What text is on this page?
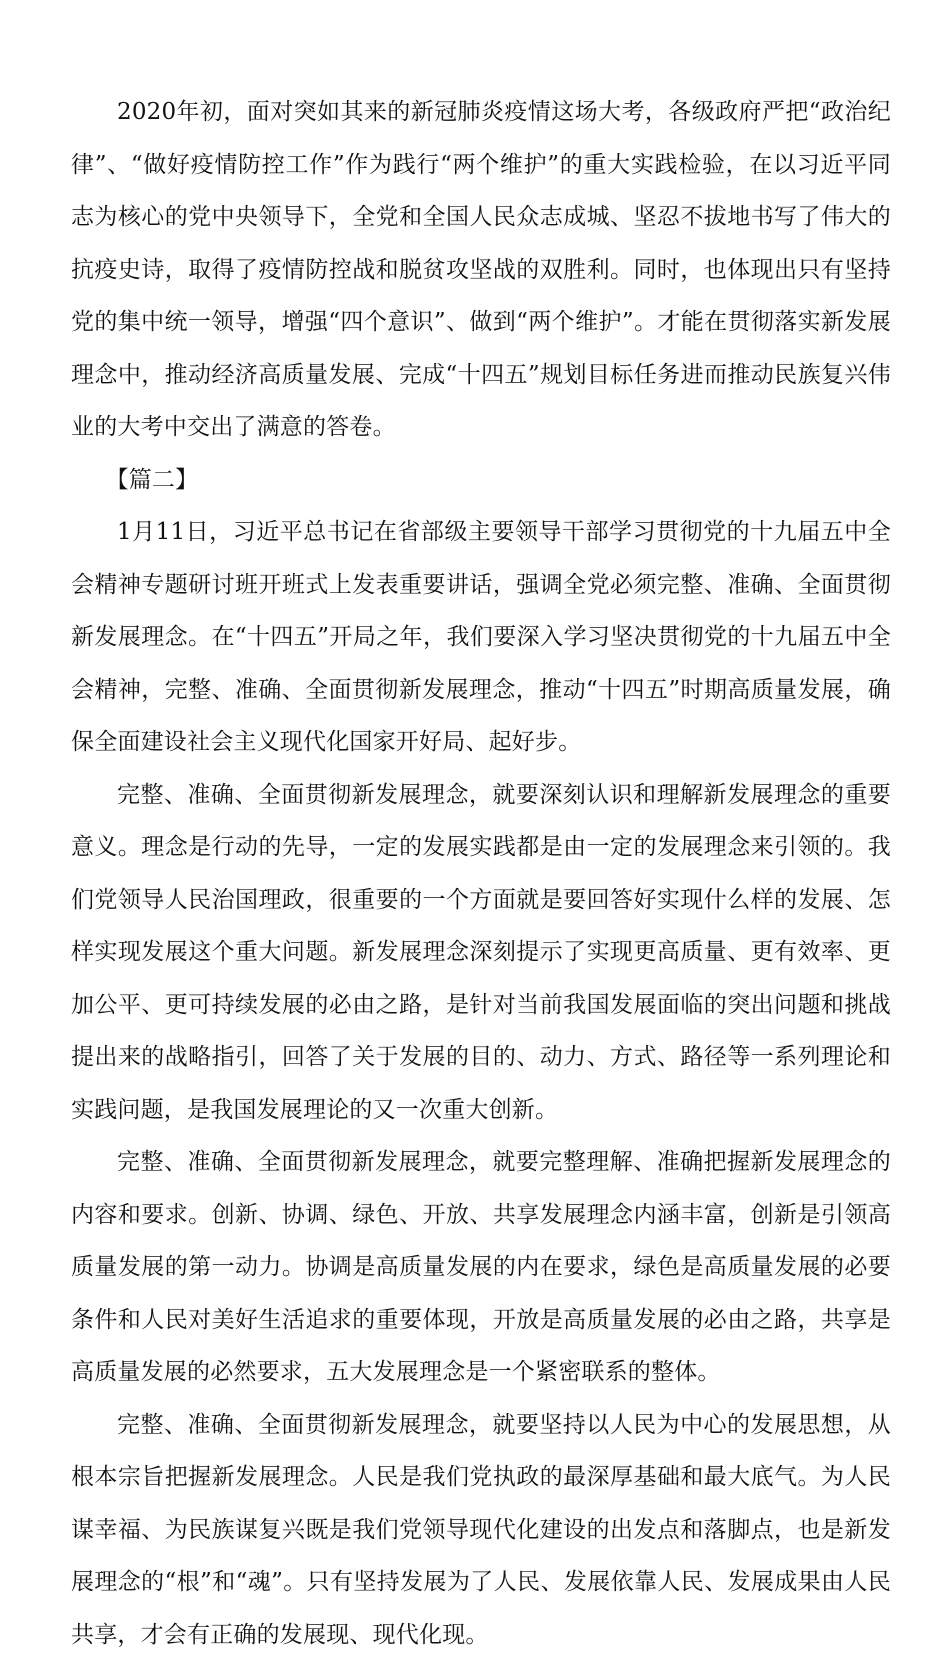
2020年初，面对突如其来的新冠肺炎疫情这场大考，各级政府严把“政治纪律”、“做好疫情防控工作”作为践行“两个维护”的重大实践检验，在以习近平同志为核心的党中央领导下，全党和全国人民众志成城、坚忍不拔地书写了伟大的抗疫史诗，取得了疫情防控战和脱贫攻坚战的双胜利。同时，也体现出只有坚持党的集中统一领导，增强“四个意识”、做到“两个维护”。才能在贯彻落实新发展理念中，推动经济高质量发展、完成“十四五”规划目标任务进而推动民族复兴伟业的大考中交出了满意的答卷。

【篇二】

1月11日，习近平总书记在省部级主要领导干部学习贯彻党的十九届五中全会精神专题研讨班开班式上发表重要讲话，强调全党必须完整、准确、全面贯彻新发展理念。在“十四五”开局之年，我们要深入学习坚决贯彻党的十九届五中全会精神，完整、准确、全面贯彻新发展理念，推动“十四五”时期高质量发展，确保全面建设社会主义现代化国家开好局、起好步。

完整、准确、全面贯彻新发展理念，就要深刻认识和理解新发展理念的重要意义。理念是行动的先导，一定的发展实践都是由一定的发展理念来引领的。我们党领导人民治国理政，很重要的一个方面就是要回答好实现什么样的发展、怎样实现发展这个重大问题。新发展理念深刻提示了实现更高质量、更有效率、更加公平、更可持续发展的必由之路，是针对当前我国发展面临的突出问题和挑战提出来的战略指引，回答了关于发展的目的、动力、方式、路径等一系列理论和实践问题，是我国发展理论的又一次重大创新。

完整、准确、全面贯彻新发展理念，就要完整理解、准确把握新发展理念的内容和要求。创新、协调、绿色、开放、共享发展理念内涵丰富，创新是引领高质量发展的第一动力。协调是高质量发展的内在要求，绿色是高质量发展的必要条件和人民对美好生活追求的重要体现，开放是高质量发展的必由之路，共享是高质量发展的必然要求，五大发展理念是一个紧密联系的整体。

完整、准确、全面贯彻新发展理念，就要坚持以人民为中心的发展思想，从根本宗旨把握新发展理念。人民是我们党执政的最深厚基础和最大底气。为人民谋幸福、为民族谋复兴既是我们党领导现代化建设的出发点和落脚点，也是新发展理念的“根”和“魂”。只有坚持发展为了人民、发展依靠人民、发展成果由人民共享，才会有正确的发展现、现代化现。
